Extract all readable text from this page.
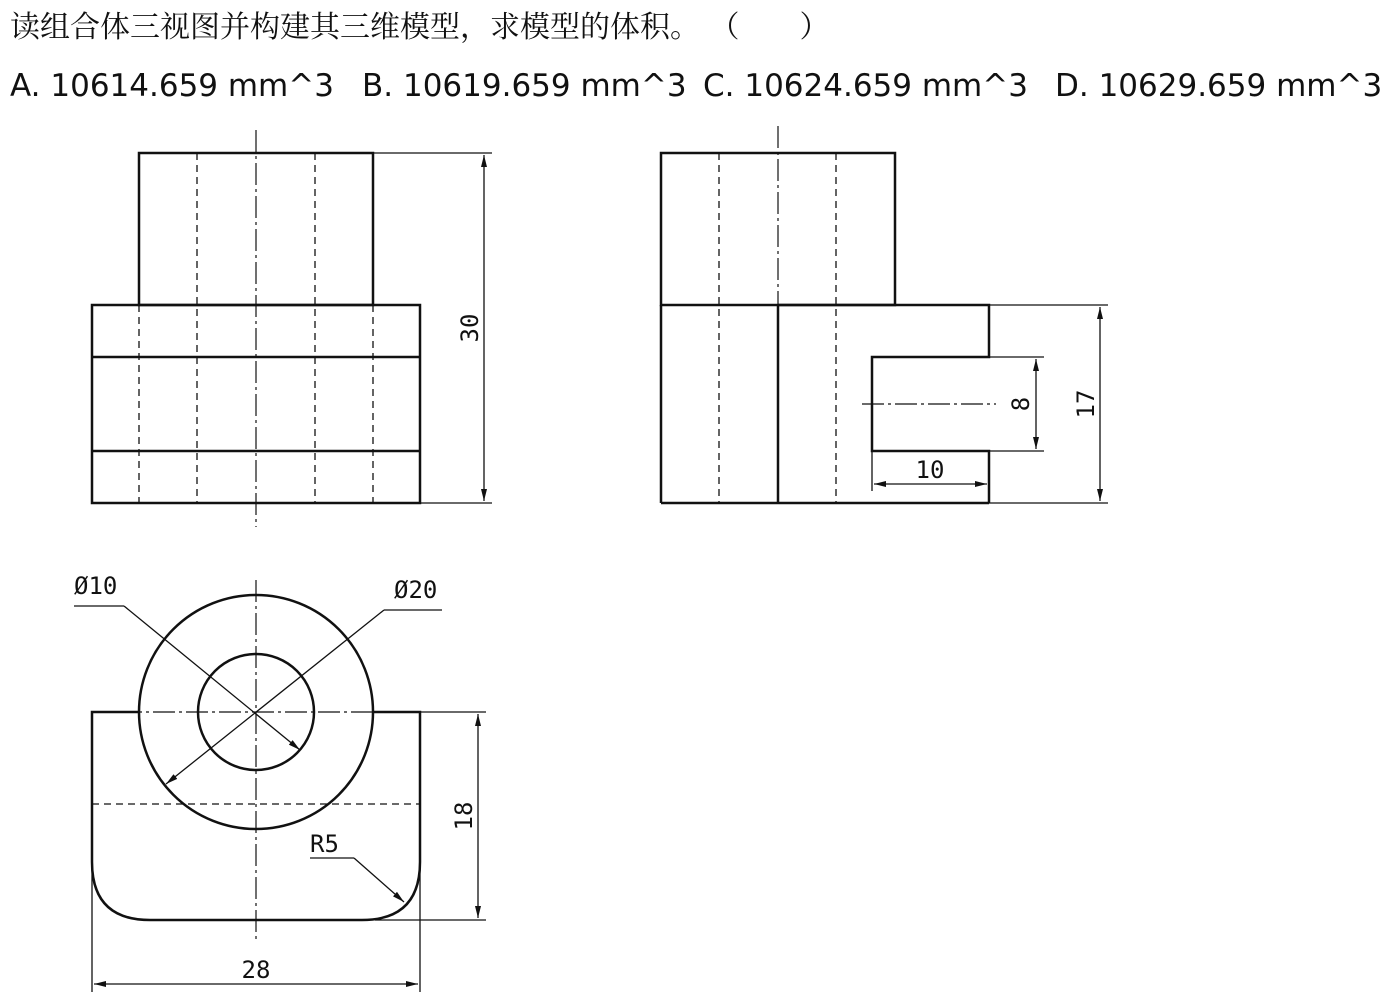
读组合体三视图并构建其三维模型，求模型的体积。 （　　）
A. 10614.659 mm^3 B. 10619.659 mm^3 C. 10624.659 mm^3 D. 10629.659 mm^3
30
8 17
10
Ø10	Ø20
R5
18
28
